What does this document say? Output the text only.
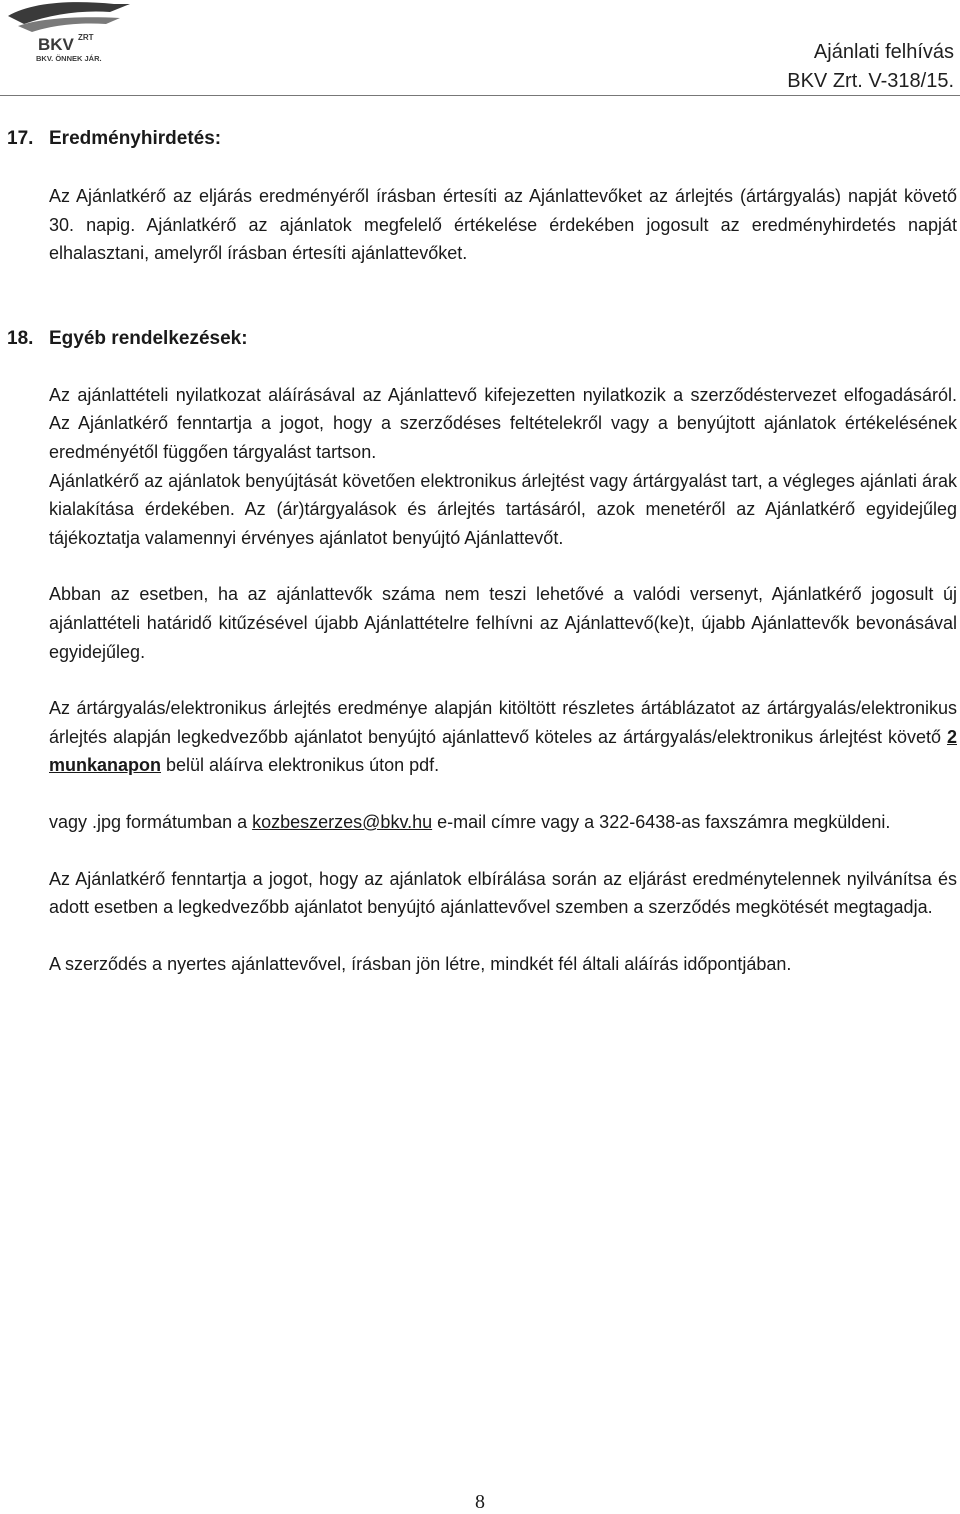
BKV ZRT
BKV. ÖNNEK JÁR.	Ajánlati felhívás
BKV Zrt. V-318/15.
17. Eredményhirdetés:

Az Ajánlatkérő az eljárás eredményéről írásban értesíti az Ajánlattevőket az árlejtés (ártárgyalás) napját követő 30. napig. Ajánlatkérő az ajánlatok megfelelő értékelése érdekében jogosult az eredményhirdetés napját elhalasztani, amelyről írásban értesíti ajánlattevőket.

18. Egyéb rendelkezések:

Az ajánlattételi nyilatkozat aláírásával az Ajánlattevő kifejezetten nyilatkozik a szerződéstervezet elfogadásáról. Az Ajánlatkérő fenntartja a jogot, hogy a szerződéses feltételekről vagy a benyújtott ajánlatok értékelésének eredményétől függően tárgyalást tartson.

Ajánlatkérő az ajánlatok benyújtását követően elektronikus árlejtést vagy ártárgyalást tart, a végleges ajánlati árak kialakítása érdekében. Az (ár)tárgyalások és árlejtés tartásáról, azok menetéről az Ajánlatkérő egyidejűleg tájékoztatja valamennyi érvényes ajánlatot benyújtó Ajánlattevőt.

Abban az esetben, ha az ajánlattevők száma nem teszi lehetővé a valódi versenyt, Ajánlatkérő jogosult új ajánlattételi határidő kitűzésével újabb Ajánlattételre felhívni az Ajánlattevő(ke)t, újabb Ajánlattevők bevonásával egyidejűleg.

Az ártárgyalás/elektronikus árlejtés eredménye alapján kitöltött részletes ártáblázatot az ártárgyalás/elektronikus árlejtés alapján legkedvezőbb ajánlatot benyújtó ajánlattevő köteles az ártárgyalás/elektronikus árlejtést követő 2 munkanapon belül aláírva elektronikus úton pdf.

vagy .jpg formátumban a kozbeszerzes@bkv.hu e-mail címre vagy a 322-6438-as faxszámra megküldeni.

Az Ajánlatkérő fenntartja a jogot, hogy az ajánlatok elbírálása során az eljárást eredménytelennek nyilvánítsa és adott esetben a legkedvezőbb ajánlatot benyújtó ajánlattevővel szemben a szerződés megkötését megtagadja.

A szerződés a nyertes ajánlattevővel, írásban jön létre, mindkét fél általi aláírás időpontjában.

8
